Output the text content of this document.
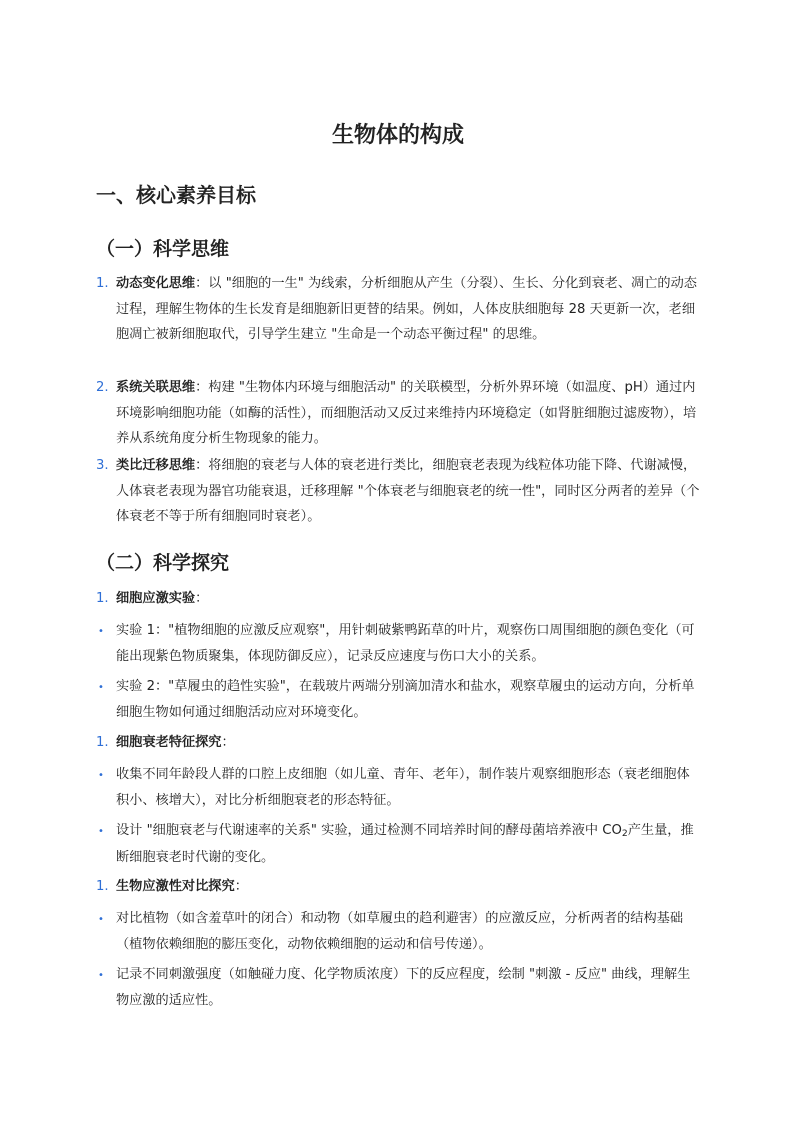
生物体的构成
一、核心素养目标
（一）科学思维
1. 动态变化思维：以 "细胞的一生" 为线索，分析细胞从产生（分裂）、生长、分化到衰老、凋亡的动态过程，理解生物体的生长发育是细胞新旧更替的结果。例如，人体皮肤细胞每 28 天更新一次，老细胞凋亡被新细胞取代，引导学生建立 "生命是一个动态平衡过程" 的思维。
2. 系统关联思维：构建 "生物体内环境与细胞活动" 的关联模型，分析外界环境（如温度、pH）通过内环境影响细胞功能（如酶的活性），而细胞活动又反过来维持内环境稳定（如肾脏细胞过滤废物），培养从系统角度分析生物现象的能力。
3. 类比迁移思维：将细胞的衰老与人体的衰老进行类比，细胞衰老表现为线粒体功能下降、代谢减慢，人体衰老表现为器官功能衰退，迁移理解 "个体衰老与细胞衰老的统一性"，同时区分两者的差异（个体衰老不等于所有细胞同时衰老）。
（二）科学探究
1. 细胞应激实验：
• 实验 1："植物细胞的应激反应观察"，用针刺破紫鸭跖草的叶片，观察伤口周围细胞的颜色变化（可能出现紫色物质聚集，体现防御反应），记录反应速度与伤口大小的关系。
• 实验 2："草履虫的趋性实验"，在载玻片两端分别滴加清水和盐水，观察草履虫的运动方向，分析单细胞生物如何通过细胞活动应对环境变化。
1. 细胞衰老特征探究：
• 收集不同年龄段人群的口腔上皮细胞（如儿童、青年、老年），制作装片观察细胞形态（衰老细胞体积小、核增大），对比分析细胞衰老的形态特征。
• 设计 "细胞衰老与代谢速率的关系" 实验，通过检测不同培养时间的酵母菌培养液中 CO2产生量，推断细胞衰老时代谢的变化。
1. 生物应激性对比探究：
• 对比植物（如含羞草叶的闭合）和动物（如草履虫的趋利避害）的应激反应，分析两者的结构基础（植物依赖细胞的膨压变化，动物依赖细胞的运动和信号传递）。
• 记录不同刺激强度（如触碰力度、化学物质浓度）下的反应程度，绘制 "刺激 - 反应" 曲线，理解生物应激的适应性。
